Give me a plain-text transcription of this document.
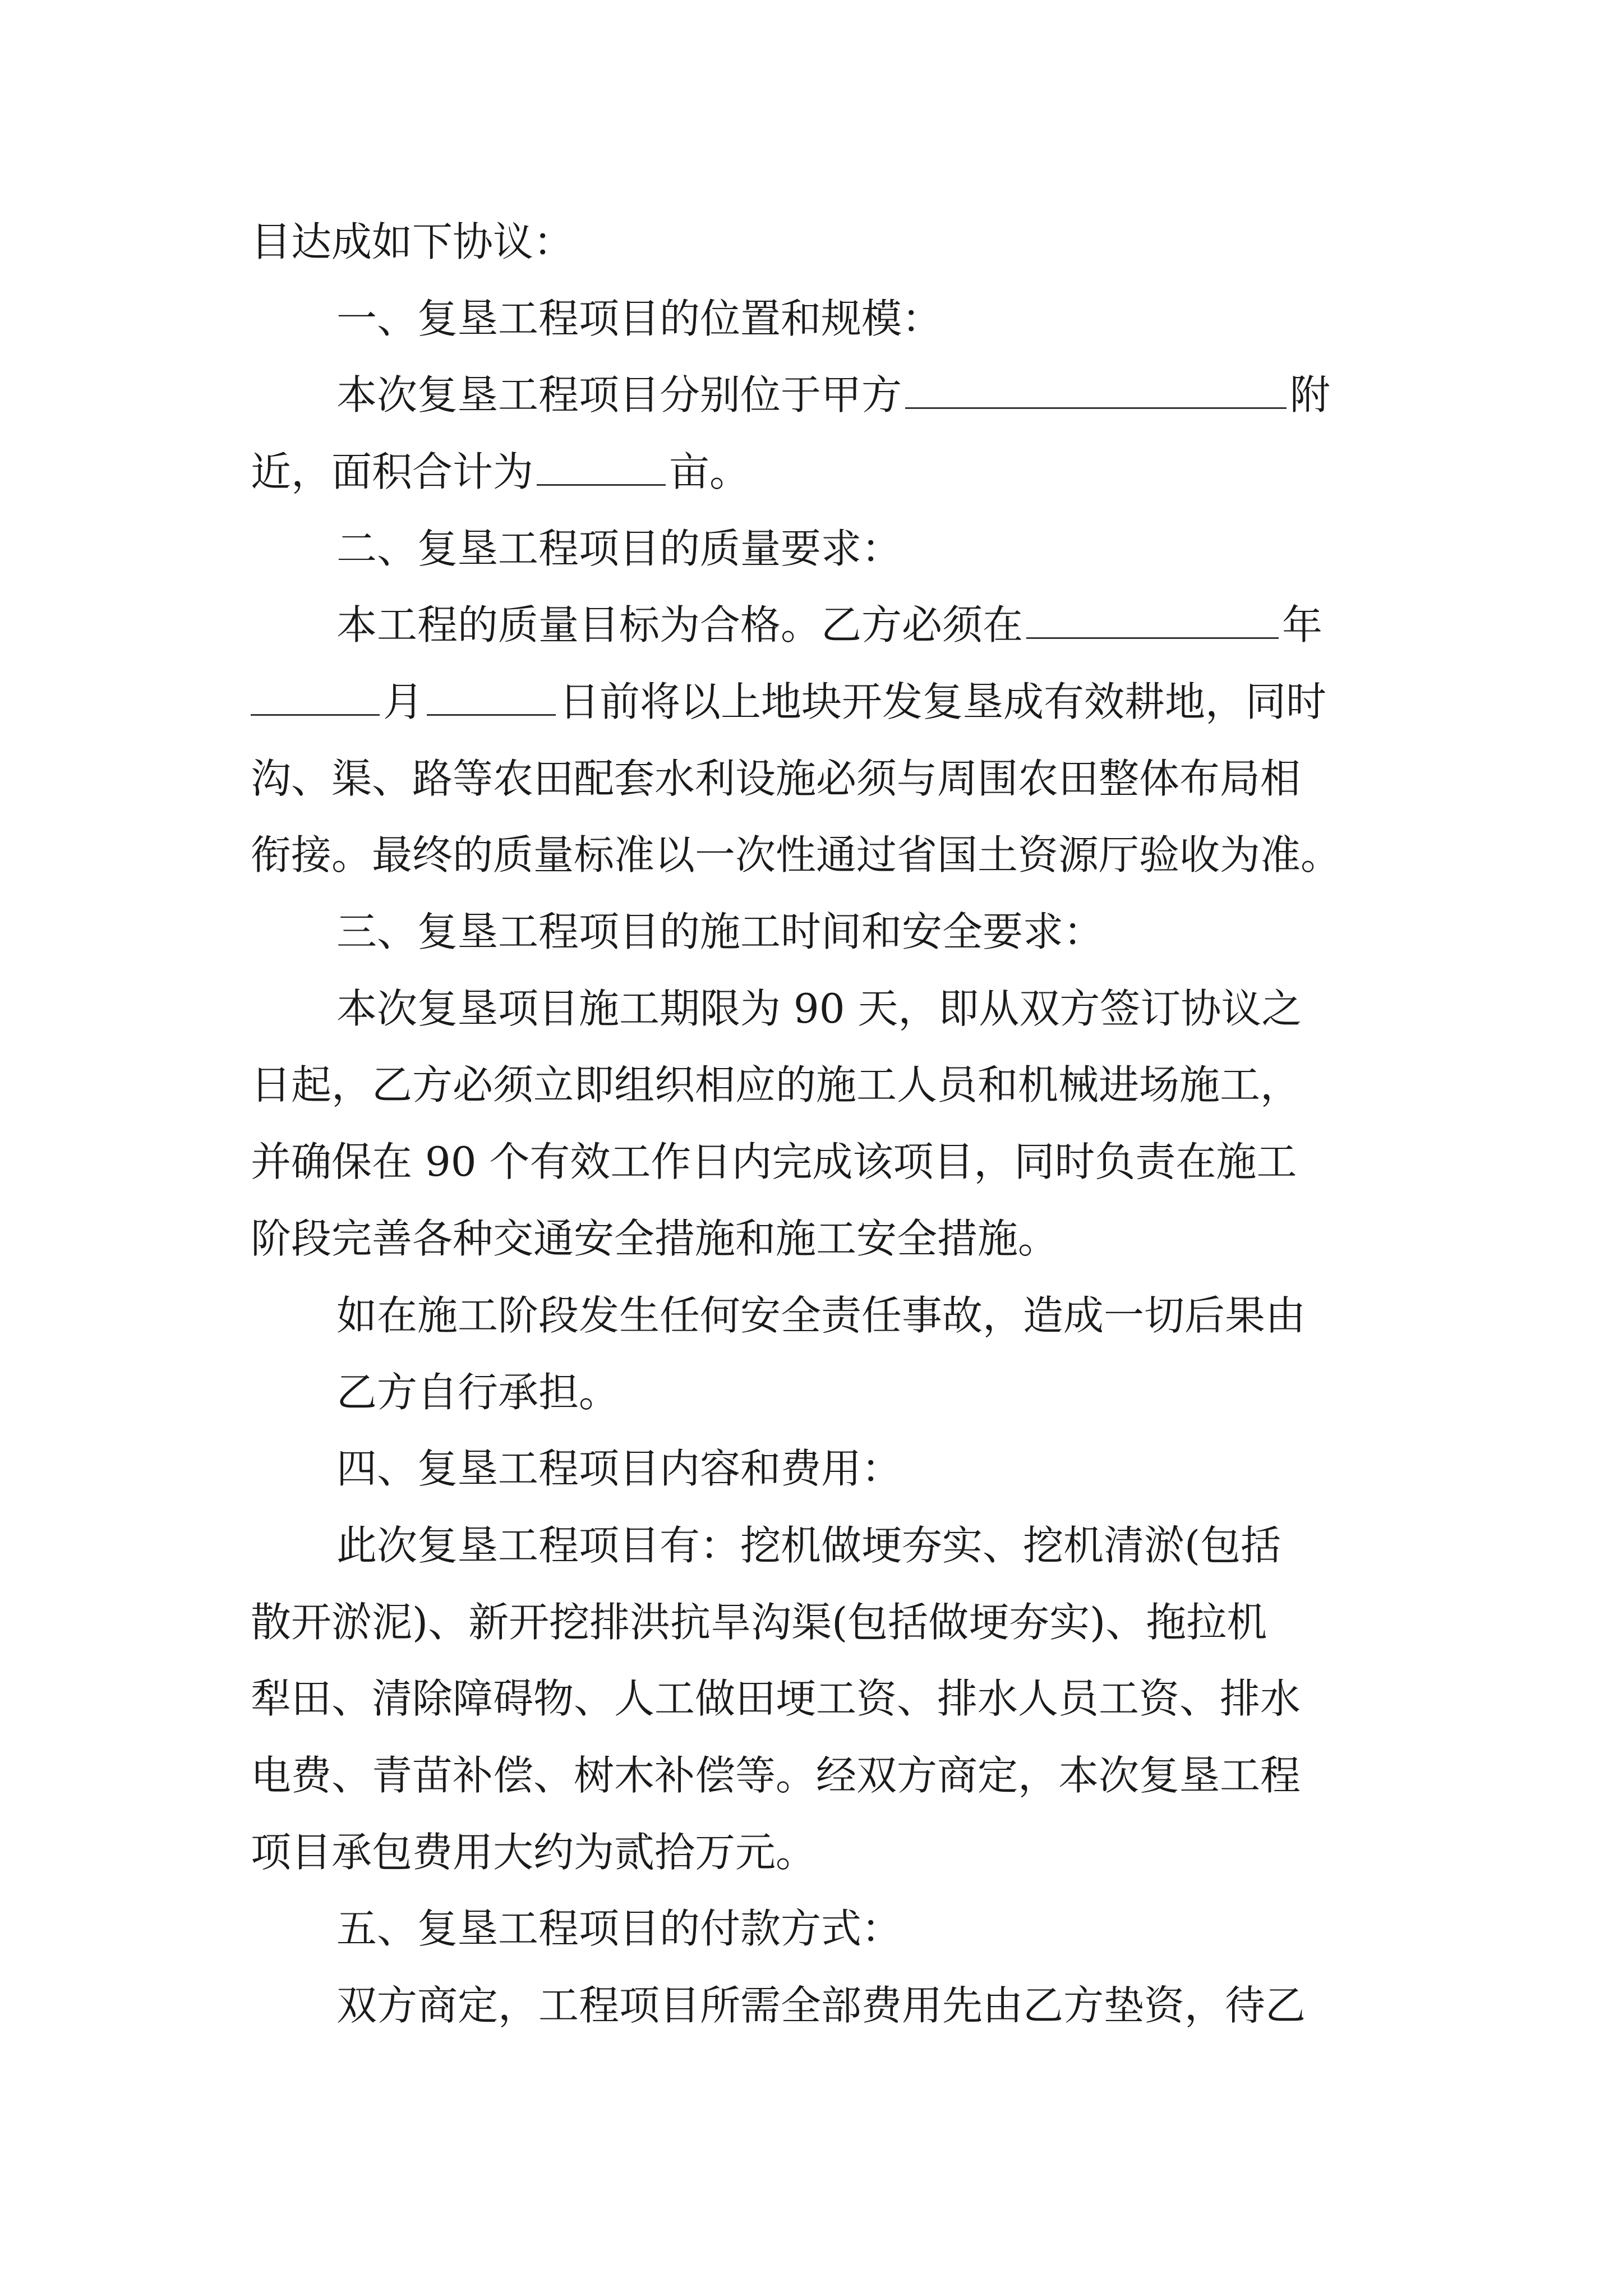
目达成如下协议：
一、复垦工程项目的位置和规模：
本次复垦工程项目分别位于甲方	附
近，面积合计为	亩。
二、复垦工程项目的质量要求：
本工程的质量目标为合格。乙方必须在	年
月	日前将以上地块开发复垦成有效耕地，同时
沟、渠、路等农田配套水利设施必须与周围农田整体布局相
衔接。最终的质量标准以一次性通过省国土资源厅验收为准。
三、复垦工程项目的施工时间和安全要求：
本次复垦项目施工期限为 90 天，即从双方签订协议之
日起，乙方必须立即组织相应的施工人员和机械进场施工，
并确保在 90 个有效工作日内完成该项目，同时负责在施工
阶段完善各种交通安全措施和施工安全措施。
如在施工阶段发生任何安全责任事故，造成一切后果由
乙方自行承担。
四、复垦工程项目内容和费用：
此次复垦工程项目有：挖机做埂夯实、挖机清淤(包括
散开淤泥)、新开挖排洪抗旱沟渠(包括做埂夯实)、拖拉机
犁田、清除障碍物、人工做田埂工资、排水人员工资、排水
电费、青苗补偿、树木补偿等。经双方商定，本次复垦工程
项目承包费用大约为贰拾万元。
五、复垦工程项目的付款方式：
双方商定，工程项目所需全部费用先由乙方垫资，待乙
